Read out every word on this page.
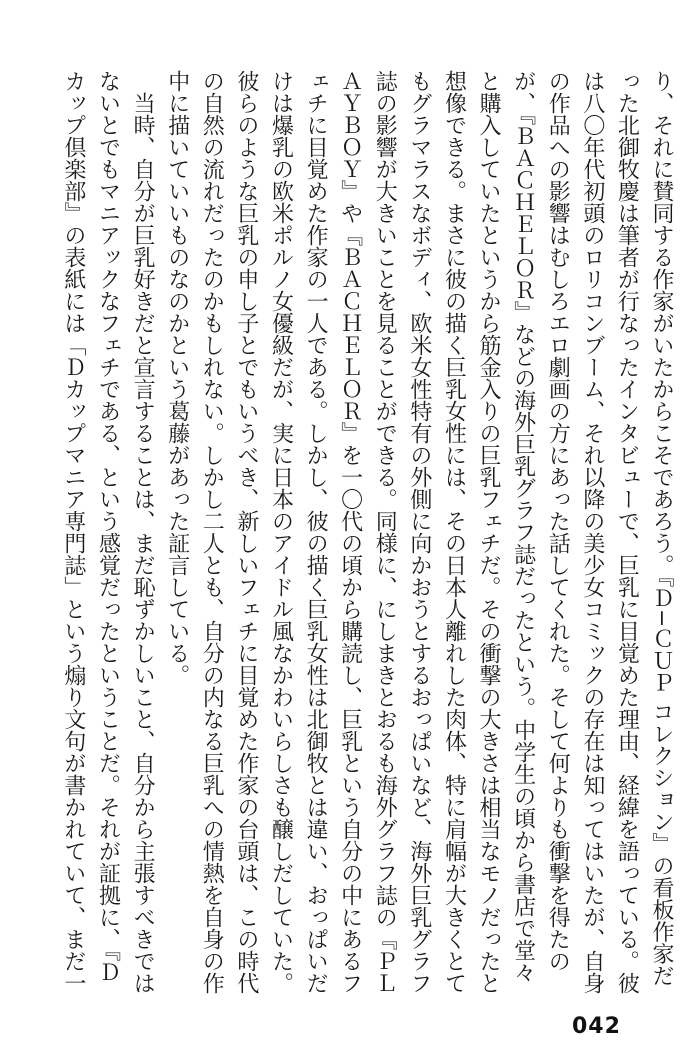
り、それに賛同する作家がいたからこそであろう。『Ｄ−ＣＵＰ コレクション』の看板作家だ
った北御牧慶は筆者が行なったインタビューで、巨乳に目覚めた理由、経緯を語っている。彼
は八〇年代初頭のロリコンブーム、それ以降の美少女コミックの存在は知ってはいたが、自身
の作品への影響はむしろエロ劇画の方にあった話してくれた。そして何よりも衝撃を得たの
が、『ＢＡＣＨＥＬＯＲ』などの海外巨乳グラフ誌だったという。中学生の頃から書店で堂々
と購入していたというから筋金入りの巨乳フェチだ。その衝撃の大きさは相当なモノだったと
想像できる。まさに彼の描く巨乳女性には、その日本人離れした肉体、特に肩幅が大きくとて
もグラマラスなボディ、欧米女性特有の外側に向かおうとするおっぱいなど、海外巨乳グラフ
誌の影響が大きいことを見ることができる。同様に、にしまきとおるも海外グラフ誌の『ＰＬ
ＡＹＢＯＹ』や『ＢＡＣＨＥＬＯＲ』を一〇代の頃から購読し、巨乳という自分の中にあるフ
ェチに目覚めた作家の一人である。しかし、彼の描く巨乳女性は北御牧とは違い、おっぱいだ
けは爆乳の欧米ポルノ女優級だが、実に日本のアイドル風なかわいらしさも醸しだしていた。
彼らのような巨乳の申し子とでもいうべき、新しいフェチに目覚めた作家の台頭は、この時代
の自然の流れだったのかもしれない。しかし二人とも、自分の内なる巨乳への情熱を自身の作
中に描いていいものなのかという葛藤があった証言している。
　当時、自分が巨乳好きだと宣言することは、まだ恥ずかしいこと、自分から主張すべきでは
ないとでもマニアックなフェチである、という感覚だったということだ。それが証拠に、『Ｄ
カップ倶楽部』の表紙には「Ｄカップマニア専門誌」という煽り文句が書かれていて、まだ一
042
